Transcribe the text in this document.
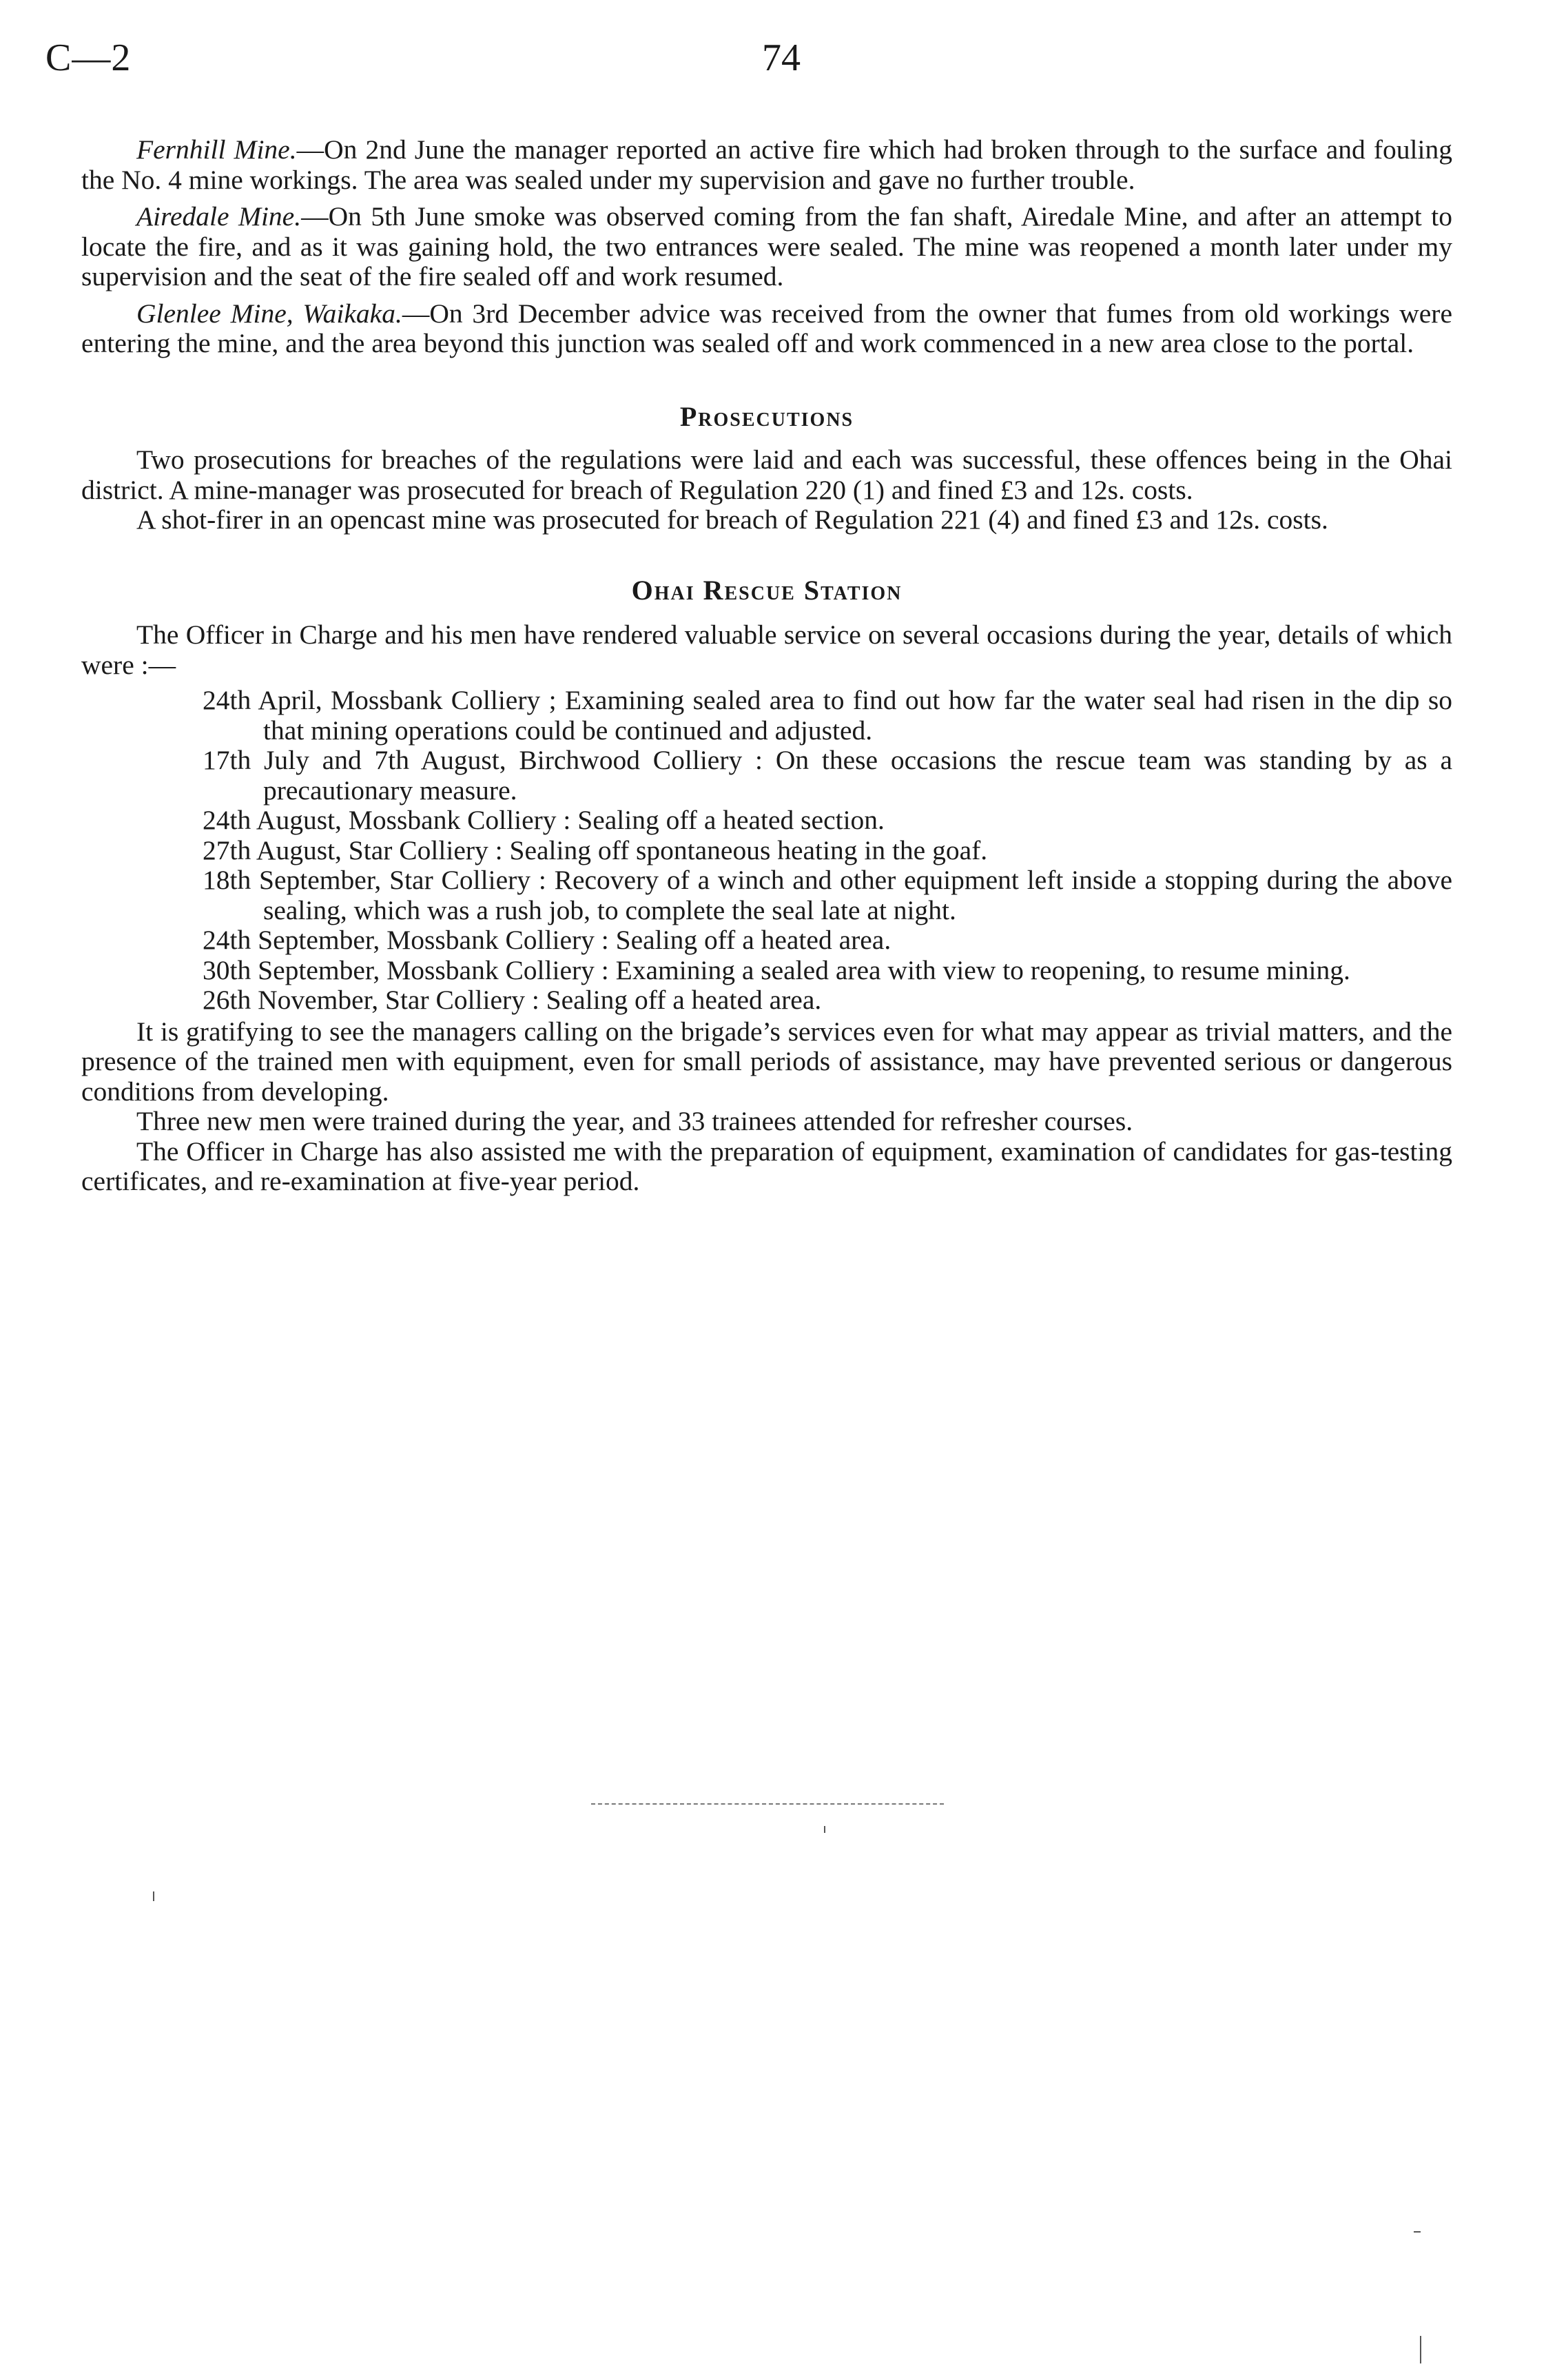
C—2	74

Fernhill Mine.—On 2nd June the manager reported an active fire which had broken through to the surface and fouling the No. 4 mine workings. The area was sealed under my supervision and gave no further trouble.

Airedale Mine.—On 5th June smoke was observed coming from the fan shaft, Airedale Mine, and after an attempt to locate the fire, and as it was gaining hold, the two entrances were sealed. The mine was reopened a month later under my supervision and the seat of the fire sealed off and work resumed.

Glenlee Mine, Waikaka.—On 3rd December advice was received from the owner that fumes from old workings were entering the mine, and the area beyond this junction was sealed off and work commenced in a new area close to the portal.

Prosecutions

Two prosecutions for breaches of the regulations were laid and each was successful, these offences being in the Ohai district. A mine-manager was prosecuted for breach of Regulation 220 (1) and fined £3 and 12s. costs.

A shot-firer in an opencast mine was prosecuted for breach of Regulation 221 (4) and fined £3 and 12s. costs.

Ohai Rescue Station

The Officer in Charge and his men have rendered valuable service on several occasions during the year, details of which were :—

24th April, Mossbank Colliery ; Examining sealed area to find out how far the water seal had risen in the dip so that mining operations could be continued and adjusted.
17th July and 7th August, Birchwood Colliery : On these occasions the rescue team was standing by as a precautionary measure.
24th August, Mossbank Colliery : Sealing off a heated section.
27th August, Star Colliery : Sealing off spontaneous heating in the goaf.
18th September, Star Colliery : Recovery of a winch and other equipment left inside a stopping during the above sealing, which was a rush job, to complete the seal late at night.
24th September, Mossbank Colliery : Sealing off a heated area.
30th September, Mossbank Colliery : Examining a sealed area with view to reopening, to resume mining.
26th November, Star Colliery : Sealing off a heated area.

It is gratifying to see the managers calling on the brigade’s services even for what may appear as trivial matters, and the presence of the trained men with equipment, even for small periods of assistance, may have prevented serious or dangerous conditions from developing.

Three new men were trained during the year, and 33 trainees attended for refresher courses.

The Officer in Charge has also assisted me with the preparation of equipment, examination of candidates for gas-testing certificates, and re-examination at five-year period.
